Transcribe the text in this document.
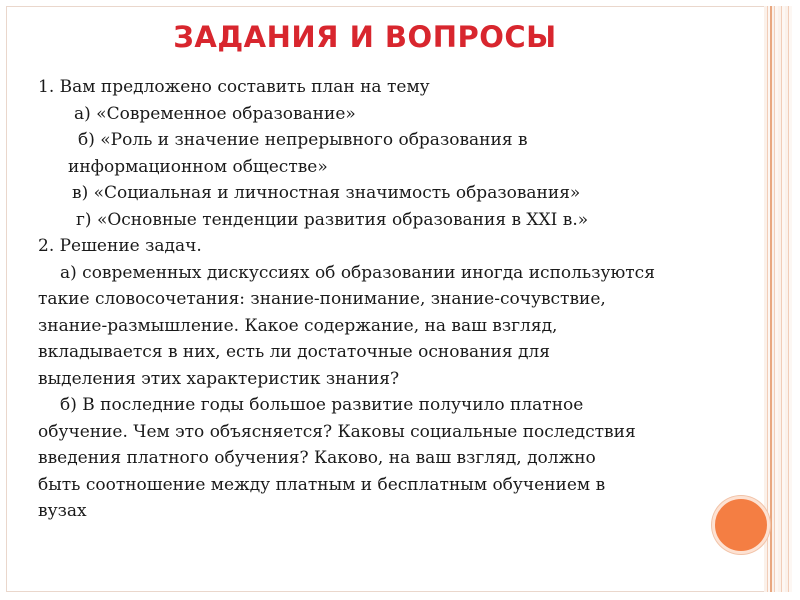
ЗАДАНИЯ И ВОПРОСЫ
1. Вам предложено составить план на тему
а) «Современное образование»
б) «Роль и значение непрерывного образования в
информационном обществе»
в) «Социальная и личностная значимость образования»
г) «Основные тенденции развития образования в XXI в.»
2. Решение задач.
а) современных дискуссиях об образовании иногда используются
такие словосочетания: знание-понимание, знание-сочувствие,
знание-размышление. Какое содержание, на ваш взгляд,
вкладывается в них, есть ли достаточные основания для
выделения этих характеристик знания?
б) В последние годы большое развитие получило платное
обучение. Чем это объясняется? Каковы социальные последствия
введения платного обучения? Каково, на ваш взгляд, должно
быть соотношение между платным и бесплатным обучением в
вузах
